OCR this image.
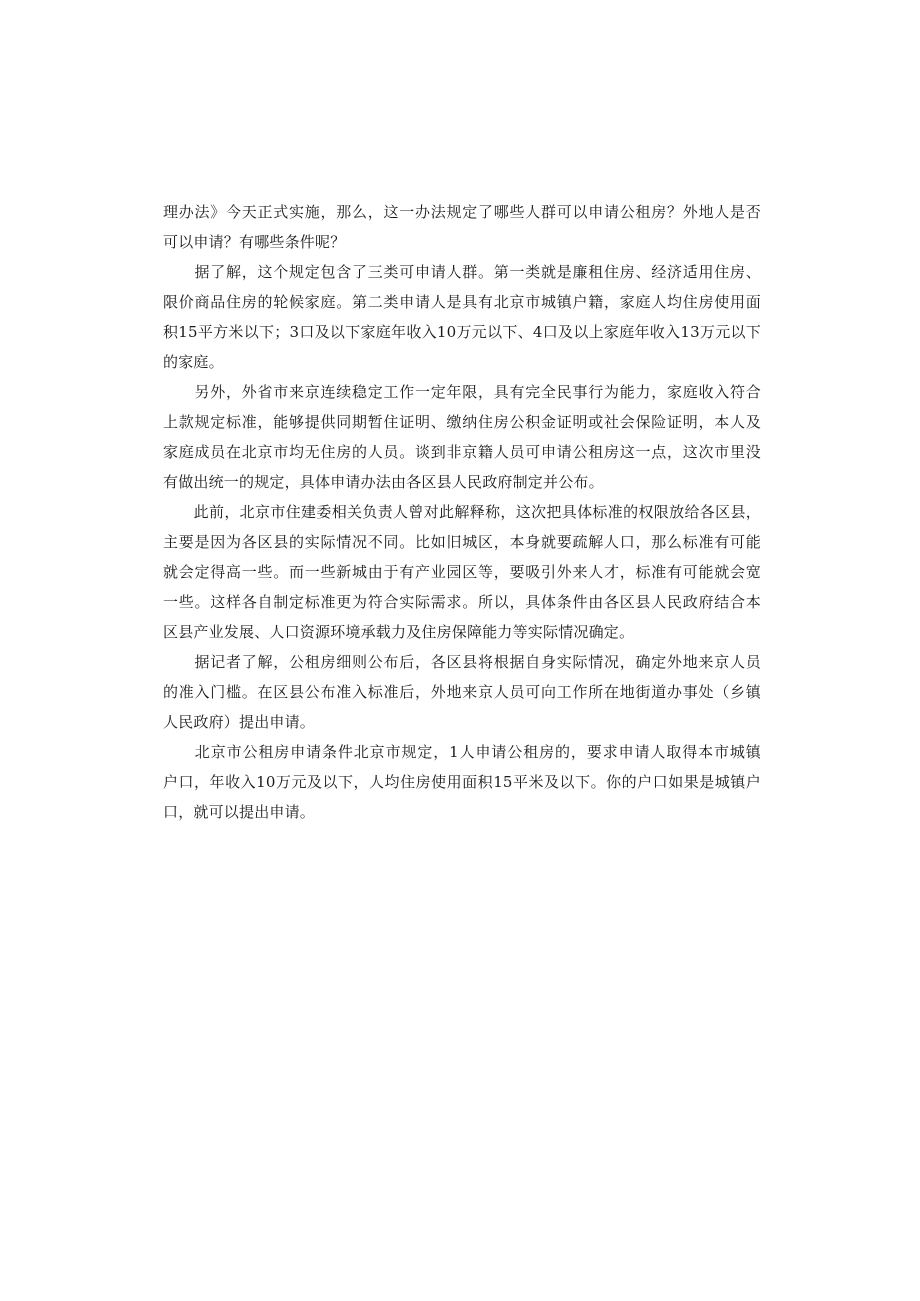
理办法》今天正式实施，那么，这一办法规定了哪些人群可以申请公租房？外地人是否
可以申请？有哪些条件呢？
　　据了解，这个规定包含了三类可申请人群。第一类就是廉租住房、经济适用住房、
限价商品住房的轮候家庭。第二类申请人是具有北京市城镇户籍，家庭人均住房使用面
积15平方米以下；3口及以下家庭年收入10万元以下、4口及以上家庭年收入13万元以下
的家庭。
　　另外，外省市来京连续稳定工作一定年限，具有完全民事行为能力，家庭收入符合
上款规定标准，能够提供同期暂住证明、缴纳住房公积金证明或社会保险证明，本人及
家庭成员在北京市均无住房的人员。谈到非京籍人员可申请公租房这一点，这次市里没
有做出统一的规定，具体申请办法由各区县人民政府制定并公布。
　　此前，北京市住建委相关负责人曾对此解释称，这次把具体标准的权限放给各区县，
主要是因为各区县的实际情况不同。比如旧城区，本身就要疏解人口，那么标准有可能
就会定得高一些。而一些新城由于有产业园区等，要吸引外来人才，标准有可能就会宽
一些。这样各自制定标准更为符合实际需求。所以，具体条件由各区县人民政府结合本
区县产业发展、人口资源环境承载力及住房保障能力等实际情况确定。
　　据记者了解，公租房细则公布后，各区县将根据自身实际情况，确定外地来京人员
的准入门槛。在区县公布准入标准后，外地来京人员可向工作所在地街道办事处（乡镇
人民政府）提出申请。
　　北京市公租房申请条件北京市规定，1人申请公租房的，要求申请人取得本市城镇
户口，年收入10万元及以下，人均住房使用面积15平米及以下。你的户口如果是城镇户
口，就可以提出申请。
